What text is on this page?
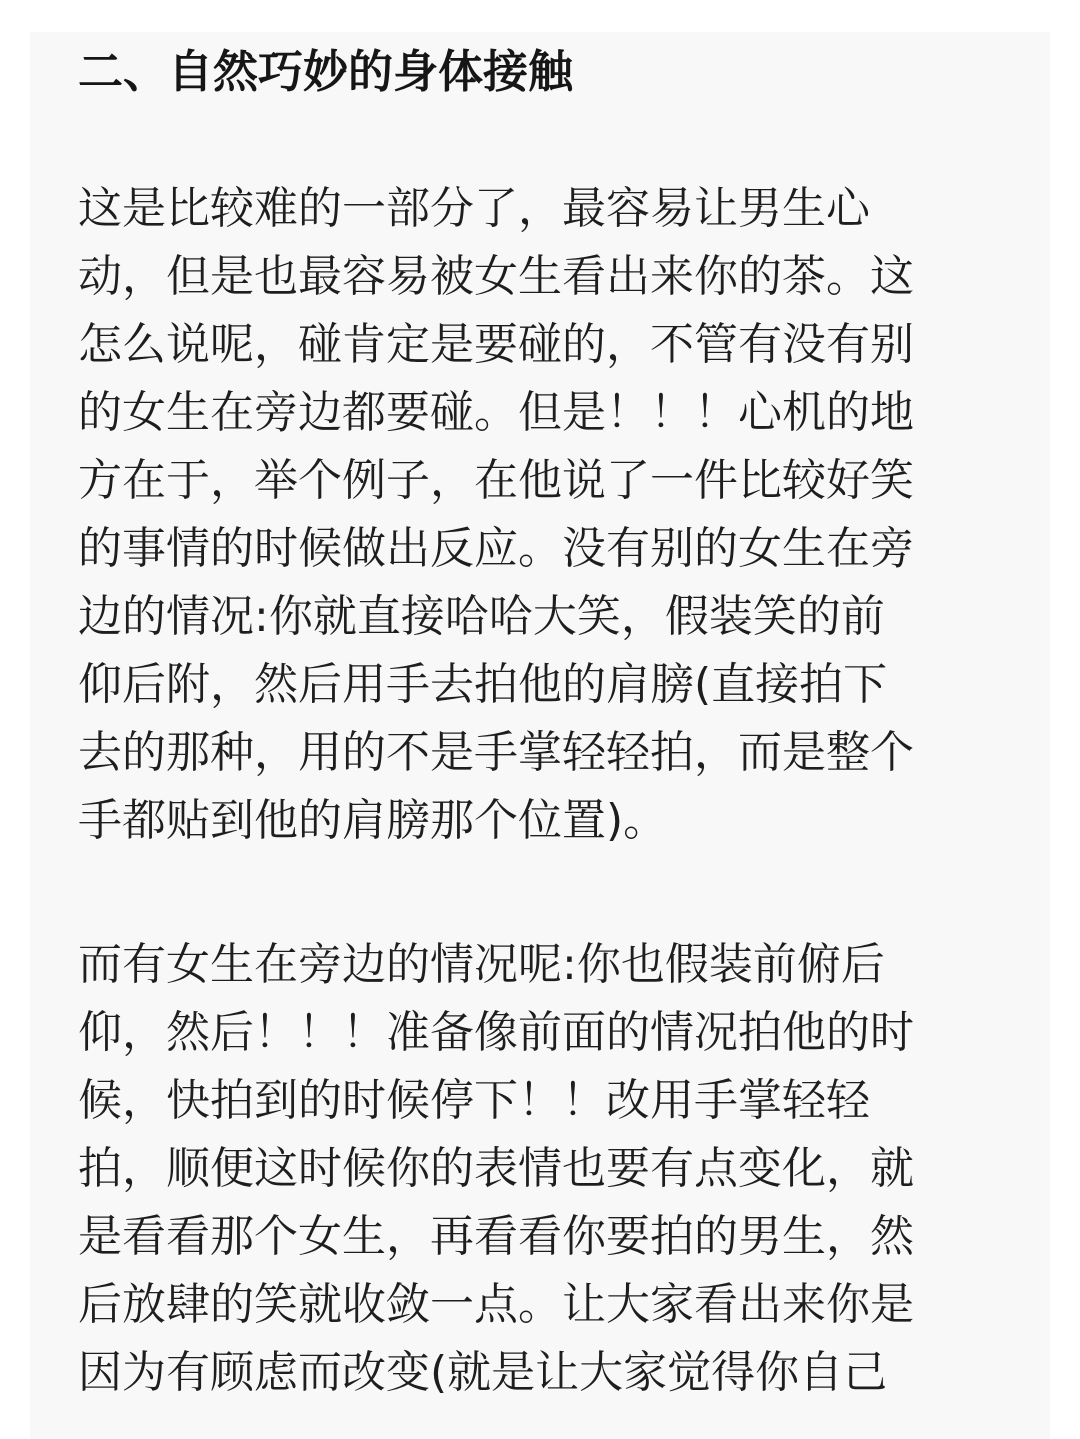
二、自然巧妙的身体接触

这是比较难的一部分了，最容易让男生心
动，但是也最容易被女生看出来你的茶。这
怎么说呢，碰肯定是要碰的，不管有没有别
的女生在旁边都要碰。但是！！！心机的地
方在于，举个例子，在他说了一件比较好笑
的事情的时候做出反应。没有别的女生在旁
边的情况:你就直接哈哈大笑，假装笑的前
仰后附，然后用手去拍他的肩膀(直接拍下
去的那种，用的不是手掌轻轻拍，而是整个
手都贴到他的肩膀那个位置)。

而有女生在旁边的情况呢:你也假装前俯后
仰，然后！！！准备像前面的情况拍他的时
候，快拍到的时候停下！！改用手掌轻轻
拍，顺便这时候你的表情也要有点变化，就
是看看那个女生，再看看你要拍的男生，然
后放肆的笑就收敛一点。让大家看出来你是
因为有顾虑而改变(就是让大家觉得你自己
